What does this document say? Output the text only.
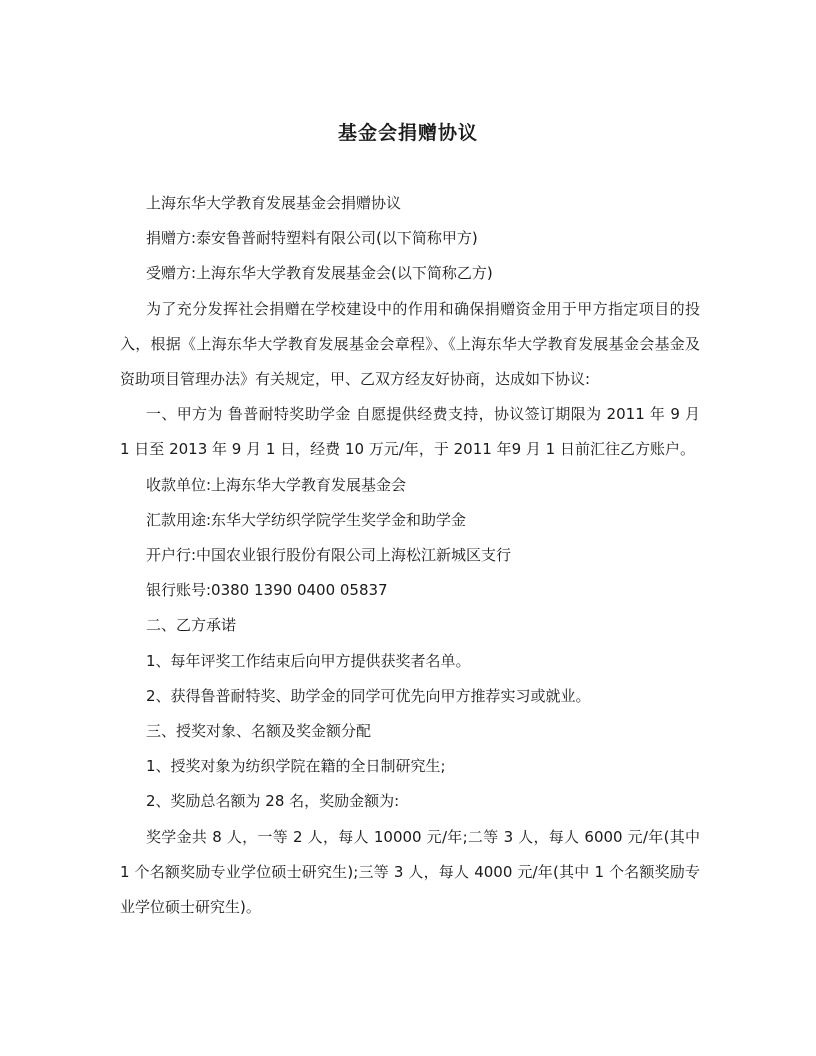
基金会捐赠协议

上海东华大学教育发展基金会捐赠协议

捐赠方:泰安鲁普耐特塑料有限公司(以下简称甲方)

受赠方:上海东华大学教育发展基金会(以下简称乙方)

为了充分发挥社会捐赠在学校建设中的作用和确保捐赠资金用于甲方指定项目的投入，根据《上海东华大学教育发展基金会章程》、《上海东华大学教育发展基金会基金及资助项目管理办法》有关规定，甲、乙双方经友好协商，达成如下协议:

一、甲方为 鲁普耐特奖助学金 自愿提供经费支持，协议签订期限为 2011 年 9 月 1 日至 2013 年 9 月 1 日，经费 10 万元/年，于 2011 年9 月 1 日前汇往乙方账户。

收款单位:上海东华大学教育发展基金会

汇款用途:东华大学纺织学院学生奖学金和助学金

开户行:中国农业银行股份有限公司上海松江新城区支行

银行账号:0380 1390 0400 05837

二、乙方承诺

1、每年评奖工作结束后向甲方提供获奖者名单。

2、获得鲁普耐特奖、助学金的同学可优先向甲方推荐实习或就业。

三、授奖对象、名额及奖金额分配

1、授奖对象为纺织学院在籍的全日制研究生;

2、奖励总名额为 28 名，奖励金额为:

奖学金共 8 人，一等 2 人，每人 10000 元/年;二等 3 人，每人 6000 元/年(其中 1 个名额奖励专业学位硕士研究生);三等 3 人，每人 4000 元/年(其中 1 个名额奖励专业学位硕士研究生)。
